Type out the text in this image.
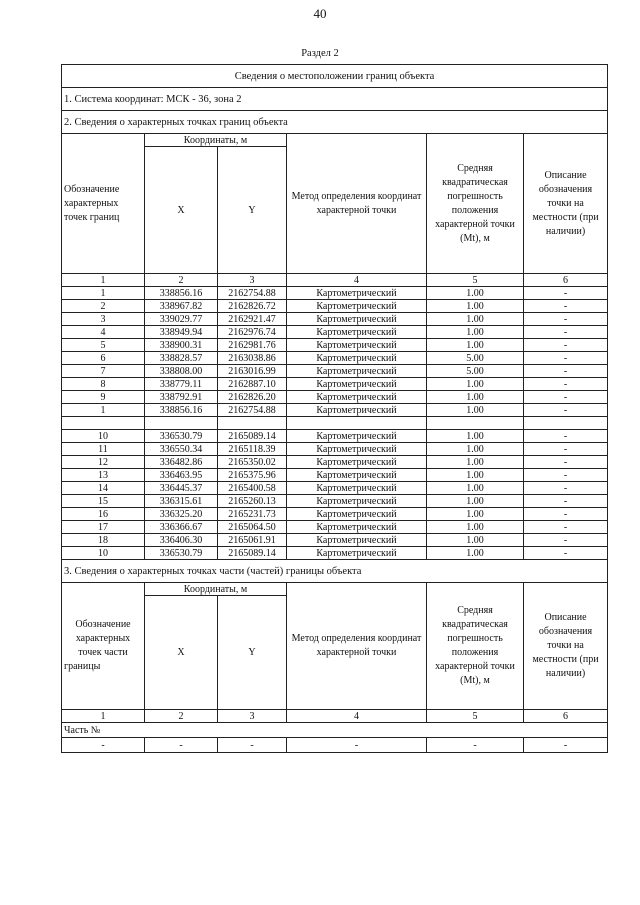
40
Раздел 2
Сведения о местоположении границ объекта					
1. Система координат: МСК - 36, зона 2					
2. Сведения о характерных точках границ объекта					
Обозначение характерных точек границ	Координаты, м		Метод определения координат характерной точки	Средняя квадратическая погрешность положения характерной точки (Mt), м	Описание обозначения точки на местности (при наличии)
	X	Y			
1	2	3	4	5	6
1	338856.16	2162754.88	Картометрический	1.00	-
2	338967.82	2162826.72	Картометрический	1.00	-
3	339029.77	2162921.47	Картометрический	1.00	-
4	338949.94	2162976.74	Картометрический	1.00	-
5	338900.31	2162981.76	Картометрический	1.00	-
6	338828.57	2163038.86	Картометрический	5.00	-
7	338808.00	2163016.99	Картометрический	5.00	-
8	338779.11	2162887.10	Картометрический	1.00	-
9	338792.91	2162826.20	Картометрический	1.00	-
1	338856.16	2162754.88	Картометрический	1.00	-

10	336530.79	2165089.14	Картометрический	1.00	-
11	336550.34	2165118.39	Картометрический	1.00	-
12	336482.86	2165350.02	Картометрический	1.00	-
13	336463.95	2165375.96	Картометрический	1.00	-
14	336445.37	2165400.58	Картометрический	1.00	-
15	336315.61	2165260.13	Картометрический	1.00	-
16	336325.20	2165231.73	Картометрический	1.00	-
17	336366.67	2165064.50	Картометрический	1.00	-
18	336406.30	2165061.91	Картометрический	1.00	-
10	336530.79	2165089.14	Картометрический	1.00	-
3. Сведения о характерных точках части (частей) границы объекта					
Обозначение характерных точек части границы	Координаты, м		Метод определения координат характерной точки	Средняя квадратическая погрешность положения характерной точки (Mt), м	Описание обозначения точки на местности (при наличии)
	X	Y			
1	2	3	4	5	6
Часть №					
-	-	-	-	-	-
